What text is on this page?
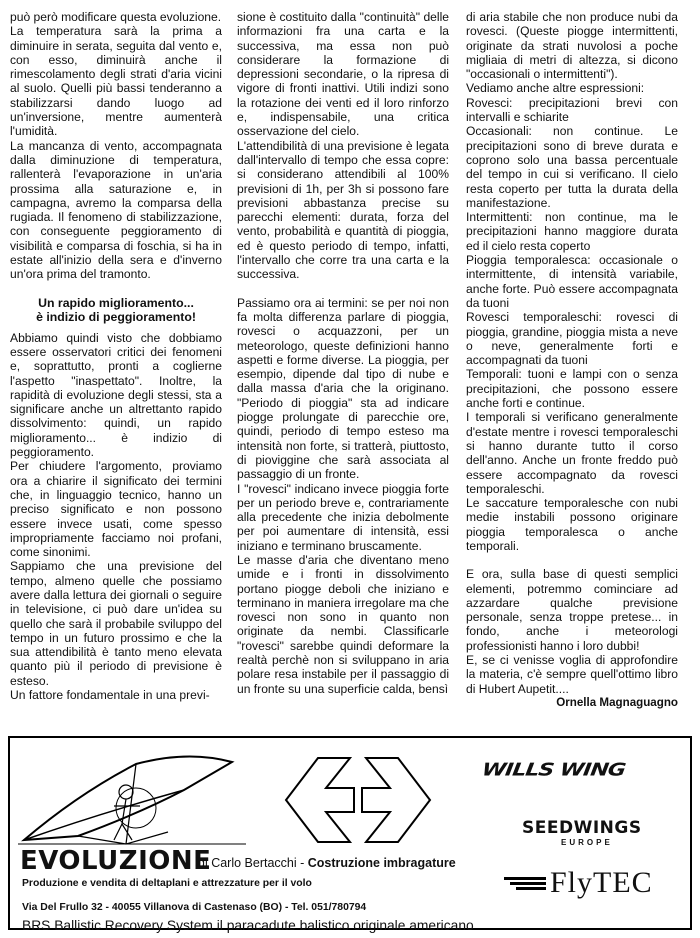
può però modificare questa evoluzione.

La temperatura sarà la prima a diminuire in serata, seguita dal vento e, con esso, diminuirà anche il rimescolamento degli strati d'aria vicini al suolo. Quelli più bassi tenderanno a stabilizzarsi dando luogo ad un'inversione, mentre aumenterà l'umidità.

La mancanza di vento, accompagnata dalla diminuzione di temperatura, rallenterà l'evaporazione in un'aria prossima alla saturazione e, in campagna, avremo la comparsa della rugiada. Il fenomeno di stabilizzazione, con conseguente peggioramento di visibilità e comparsa di foschia, si ha in estate all'inizio della sera e d'inverno un'ora prima del tramonto.

Un rapido miglioramento...

è indizio di peggioramento!

Abbiamo quindi visto che dobbiamo essere osservatori critici dei fenomeni e, soprattutto, pronti a coglierne l'aspetto "inaspettato". Inoltre, la rapidità di evoluzione degli stessi, sta a significare anche un altrettanto rapido dissolvimento: quindi, un rapido miglioramento... è indizio di peggioramento.

Per chiudere l'argomento, proviamo ora a chiarire il significato dei termini che, in linguaggio tecnico, hanno un preciso significato e non possono essere invece usati, come spesso impropriamente facciamo noi profani, come sinonimi.

Sappiamo che una previsione del tempo, almeno quelle che possiamo avere dalla lettura dei giornali o seguire in televisione, ci può dare un'idea su quello che sarà il probabile sviluppo del tempo in un futuro prossimo e che la sua attendibilità è tanto meno elevata quanto più il periodo di previsione è esteso.

Un fattore fondamentale in una previ-

sione è costituito dalla "continuità" delle informazioni fra una carta e la successiva, ma essa non può considerare la formazione di depressioni secondarie, o la ripresa di vigore di fronti inattivi. Utili indizi sono la rotazione dei venti ed il loro rinforzo e, indispensabile, una critica osservazione del cielo.

L'attendibilità di una previsione è legata dall'intervallo di tempo che essa copre: si considerano attendibili al 100% previsioni di 1h, per 3h si possono fare previsioni abbastanza precise su parecchi elementi: durata, forza del vento, probabilità e quantità di pioggia, ed è questo periodo di tempo, infatti, l'intervallo che corre tra una carta e la successiva.

Passiamo ora ai termini: se per noi non fa molta differenza parlare di pioggia, rovesci o acquazzoni, per un meteorologo, queste definizioni hanno aspetti e forme diverse. La pioggia, per esempio, dipende dal tipo di nube e dalla massa d'aria che la originano. "Periodo di pioggia" sta ad indicare piogge prolungate di parecchie ore, quindi, periodo di tempo esteso ma intensità non forte, si tratterà, piuttosto, di pioviggine che sarà associata al passaggio di un fronte.

I "rovesci" indicano invece pioggia forte per un periodo breve e, contrariamente alla precedente che inizia debolmente per poi aumentare di intensità, essi iniziano e terminano bruscamente.

Le masse d'aria che diventano meno umide e i fronti in dissolvimento portano piogge deboli che iniziano e terminano in maniera irregolare ma che rovesci non sono in quanto non originate da nembi. Classificarle "rovesci" sarebbe quindi deformare la realtà perchè non si sviluppano in aria polare resa instabile per il passaggio di un fronte su una superficie calda, bensì

di aria stabile che non produce nubi da rovesci. (Queste piogge intermittenti, originate da strati nuvolosi a poche migliaia di metri di altezza, si dicono "occasionali o intermittenti").

Vediamo anche altre espressioni:

Rovesci: precipitazioni brevi con intervalli e schiarite

Occasionali: non continue. Le precipitazioni sono di breve durata e coprono solo una bassa percentuale del tempo in cui si verificano. Il cielo resta coperto per tutta la durata della manifestazione.

Intermittenti: non continue, ma le precipitazioni hanno maggiore durata ed il cielo resta coperto

Pioggia temporalesca: occasionale o intermittente, di intensità variabile, anche forte. Può essere accompagnata da tuoni

Rovesci temporaleschi: rovesci di pioggia, grandine, pioggia mista a neve o neve, generalmente forti e accompagnati da tuoni

Temporali: tuoni e lampi con o senza precipitazioni, che possono essere anche forti e continue.

I temporali si verificano generalmente d'estate mentre i rovesci temporaleschi si hanno durante tutto il corso dell'anno. Anche un fronte freddo può essere accompagnato da rovesci temporaleschi.

Le saccature temporalesche con nubi medie instabili possono originare pioggia temporalesca o anche temporali.

E ora, sulla base di questi semplici elementi, potremmo cominciare ad azzardare qualche previsione personale, senza troppe pretese... in fondo, anche i meteorologi professionisti hanno i loro dubbi!

E, se ci venisse voglia di approfondire la materia, c'è sempre quell'ottimo libro di Hubert Aupetit....

Ornella Magnaguagno

EVOLUZIONE
di Carlo Bertacchi - Costruzione imbragature
Produzione e vendita di deltaplani e attrezzature per il volo
Via Del Frullo 32 - 40055 Villanova di Castenaso (BO) - Tel. 051/780794
BRS Ballistic Recovery System il paracadute balistico originale americano
WILLS WING
SEEDWINGS
EUROPE
FlyTEC
